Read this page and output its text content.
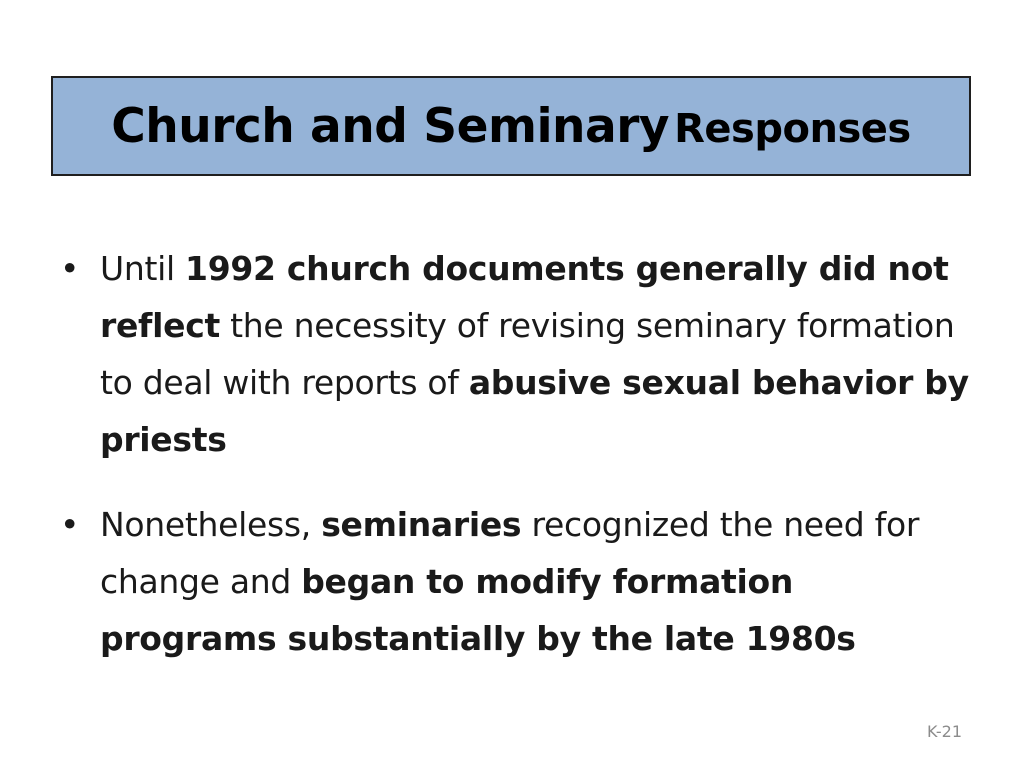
Church and Seminary Responses
• Until 1992 church documents generally did not reflect the necessity of revising seminary formation to deal with reports of abusive sexual behavior by priests
• Nonetheless, seminaries recognized the need for change and began to modify formation programs substantially by the late 1980s
K-21
